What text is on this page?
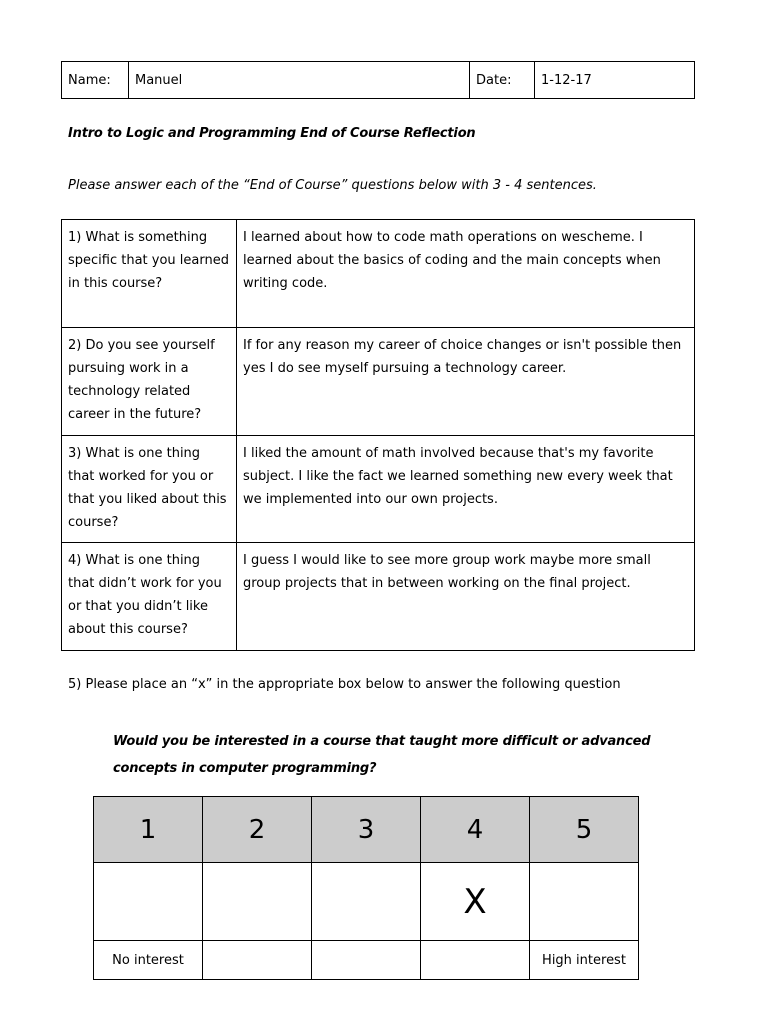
Name:	Manuel	Date:	1-12-17

Intro to Logic and Programming End of Course Reflection

Please answer each of the “End of Course” questions below with 3 - 4 sentences.

1) What is something specific that you learned in this course?	I learned about how to code math operations on wescheme. I learned about the basics of coding and the main concepts when writing code.
2) Do you see yourself pursuing work in a technology related career in the future?	If for any reason my career of choice changes or isn't possible then yes I do see myself pursuing a technology career.
3) What is one thing that worked for you or that you liked about this course?	I liked the amount of math involved because that's my favorite subject. I like the fact we learned something new every week that we implemented into our own projects.
4) What is one thing that didn’t work for you or that you didn’t like about this course?	I guess I would like to see more group work maybe more small group projects that in between working on the final project.

5) Please place an “x” in the appropriate box below to answer the following question

Would you be interested in a course that taught more difficult or advanced concepts in computer programming?

1	2	3	4	5
			X	
No interest				High interest
